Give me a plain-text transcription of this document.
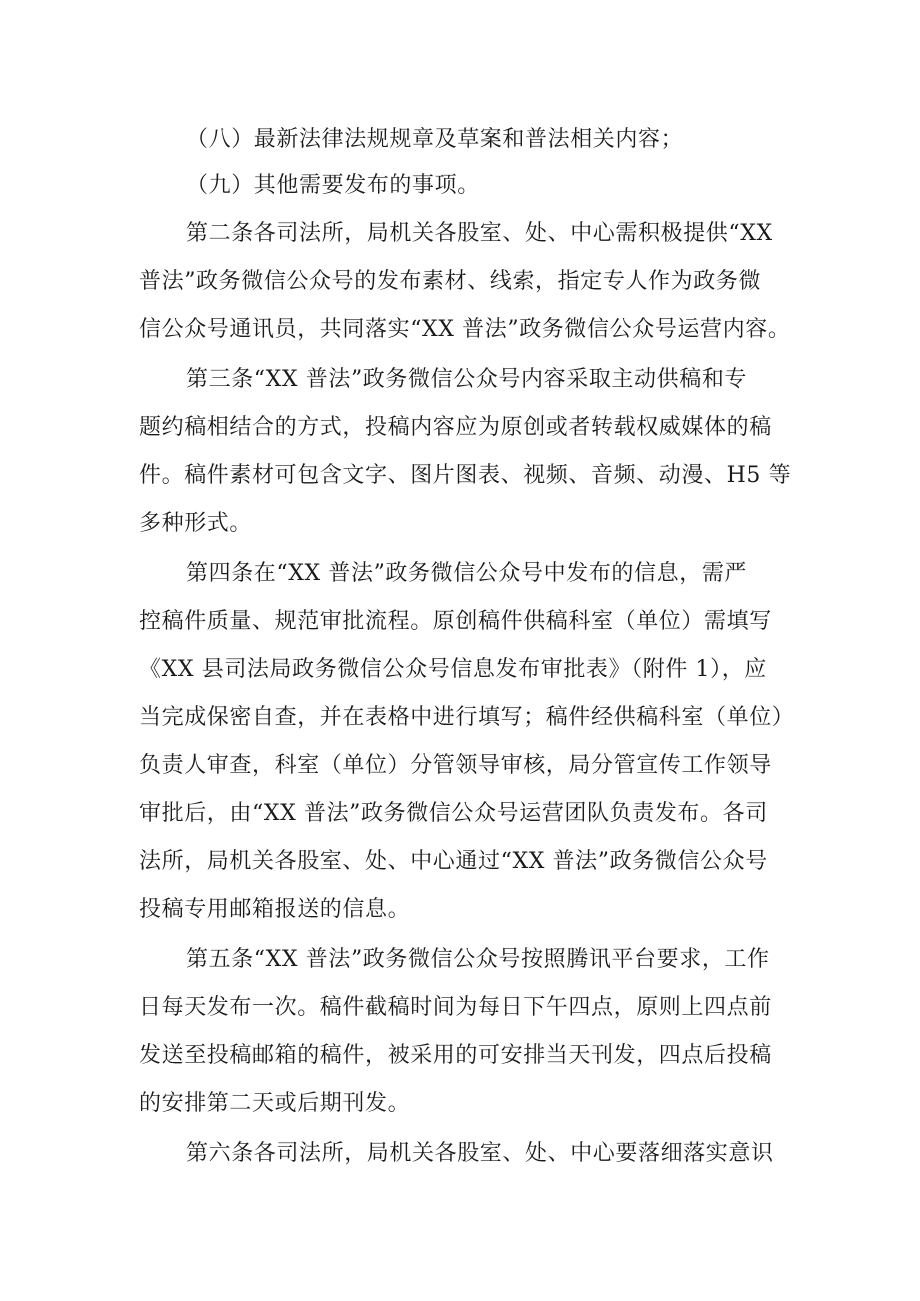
（八）最新法律法规规章及草案和普法相关内容；
（九）其他需要发布的事项。
第二条各司法所，局机关各股室、处、中心需积极提供“XX
普法”政务微信公众号的发布素材、线索，指定专人作为政务微
信公众号通讯员，共同落实“XX 普法”政务微信公众号运营内容。
第三条“XX 普法”政务微信公众号内容采取主动供稿和专
题约稿相结合的方式，投稿内容应为原创或者转载权威媒体的稿
件。稿件素材可包含文字、图片图表、视频、音频、动漫、H5 等
多种形式。
第四条在“XX 普法”政务微信公众号中发布的信息，需严
控稿件质量、规范审批流程。原创稿件供稿科室（单位）需填写
《XX 县司法局政务微信公众号信息发布审批表》（附件 1），应
当完成保密自查，并在表格中进行填写；稿件经供稿科室（单位）
负责人审查，科室（单位）分管领导审核，局分管宣传工作领导
审批后，由“XX 普法”政务微信公众号运营团队负责发布。各司
法所，局机关各股室、处、中心通过“XX 普法”政务微信公众号
投稿专用邮箱报送的信息。
第五条“XX 普法”政务微信公众号按照腾讯平台要求，工作
日每天发布一次。稿件截稿时间为每日下午四点，原则上四点前
发送至投稿邮箱的稿件，被采用的可安排当天刊发，四点后投稿
的安排第二天或后期刊发。
第六条各司法所，局机关各股室、处、中心要落细落实意识
